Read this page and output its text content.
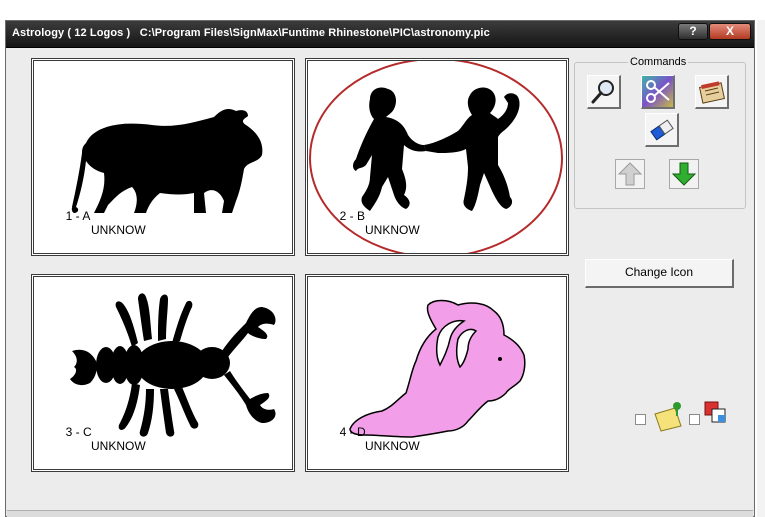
Astrology ( 12 Logos )   C:\Program Files\SignMax\Funtime Rhinestone\PIC\astronomy.pic	?	X

1 - A

UNKNOW

2 - B

UNKNOW

3 - C

UNKNOW

4 - D

UNKNOW

Commands
Change Icon
